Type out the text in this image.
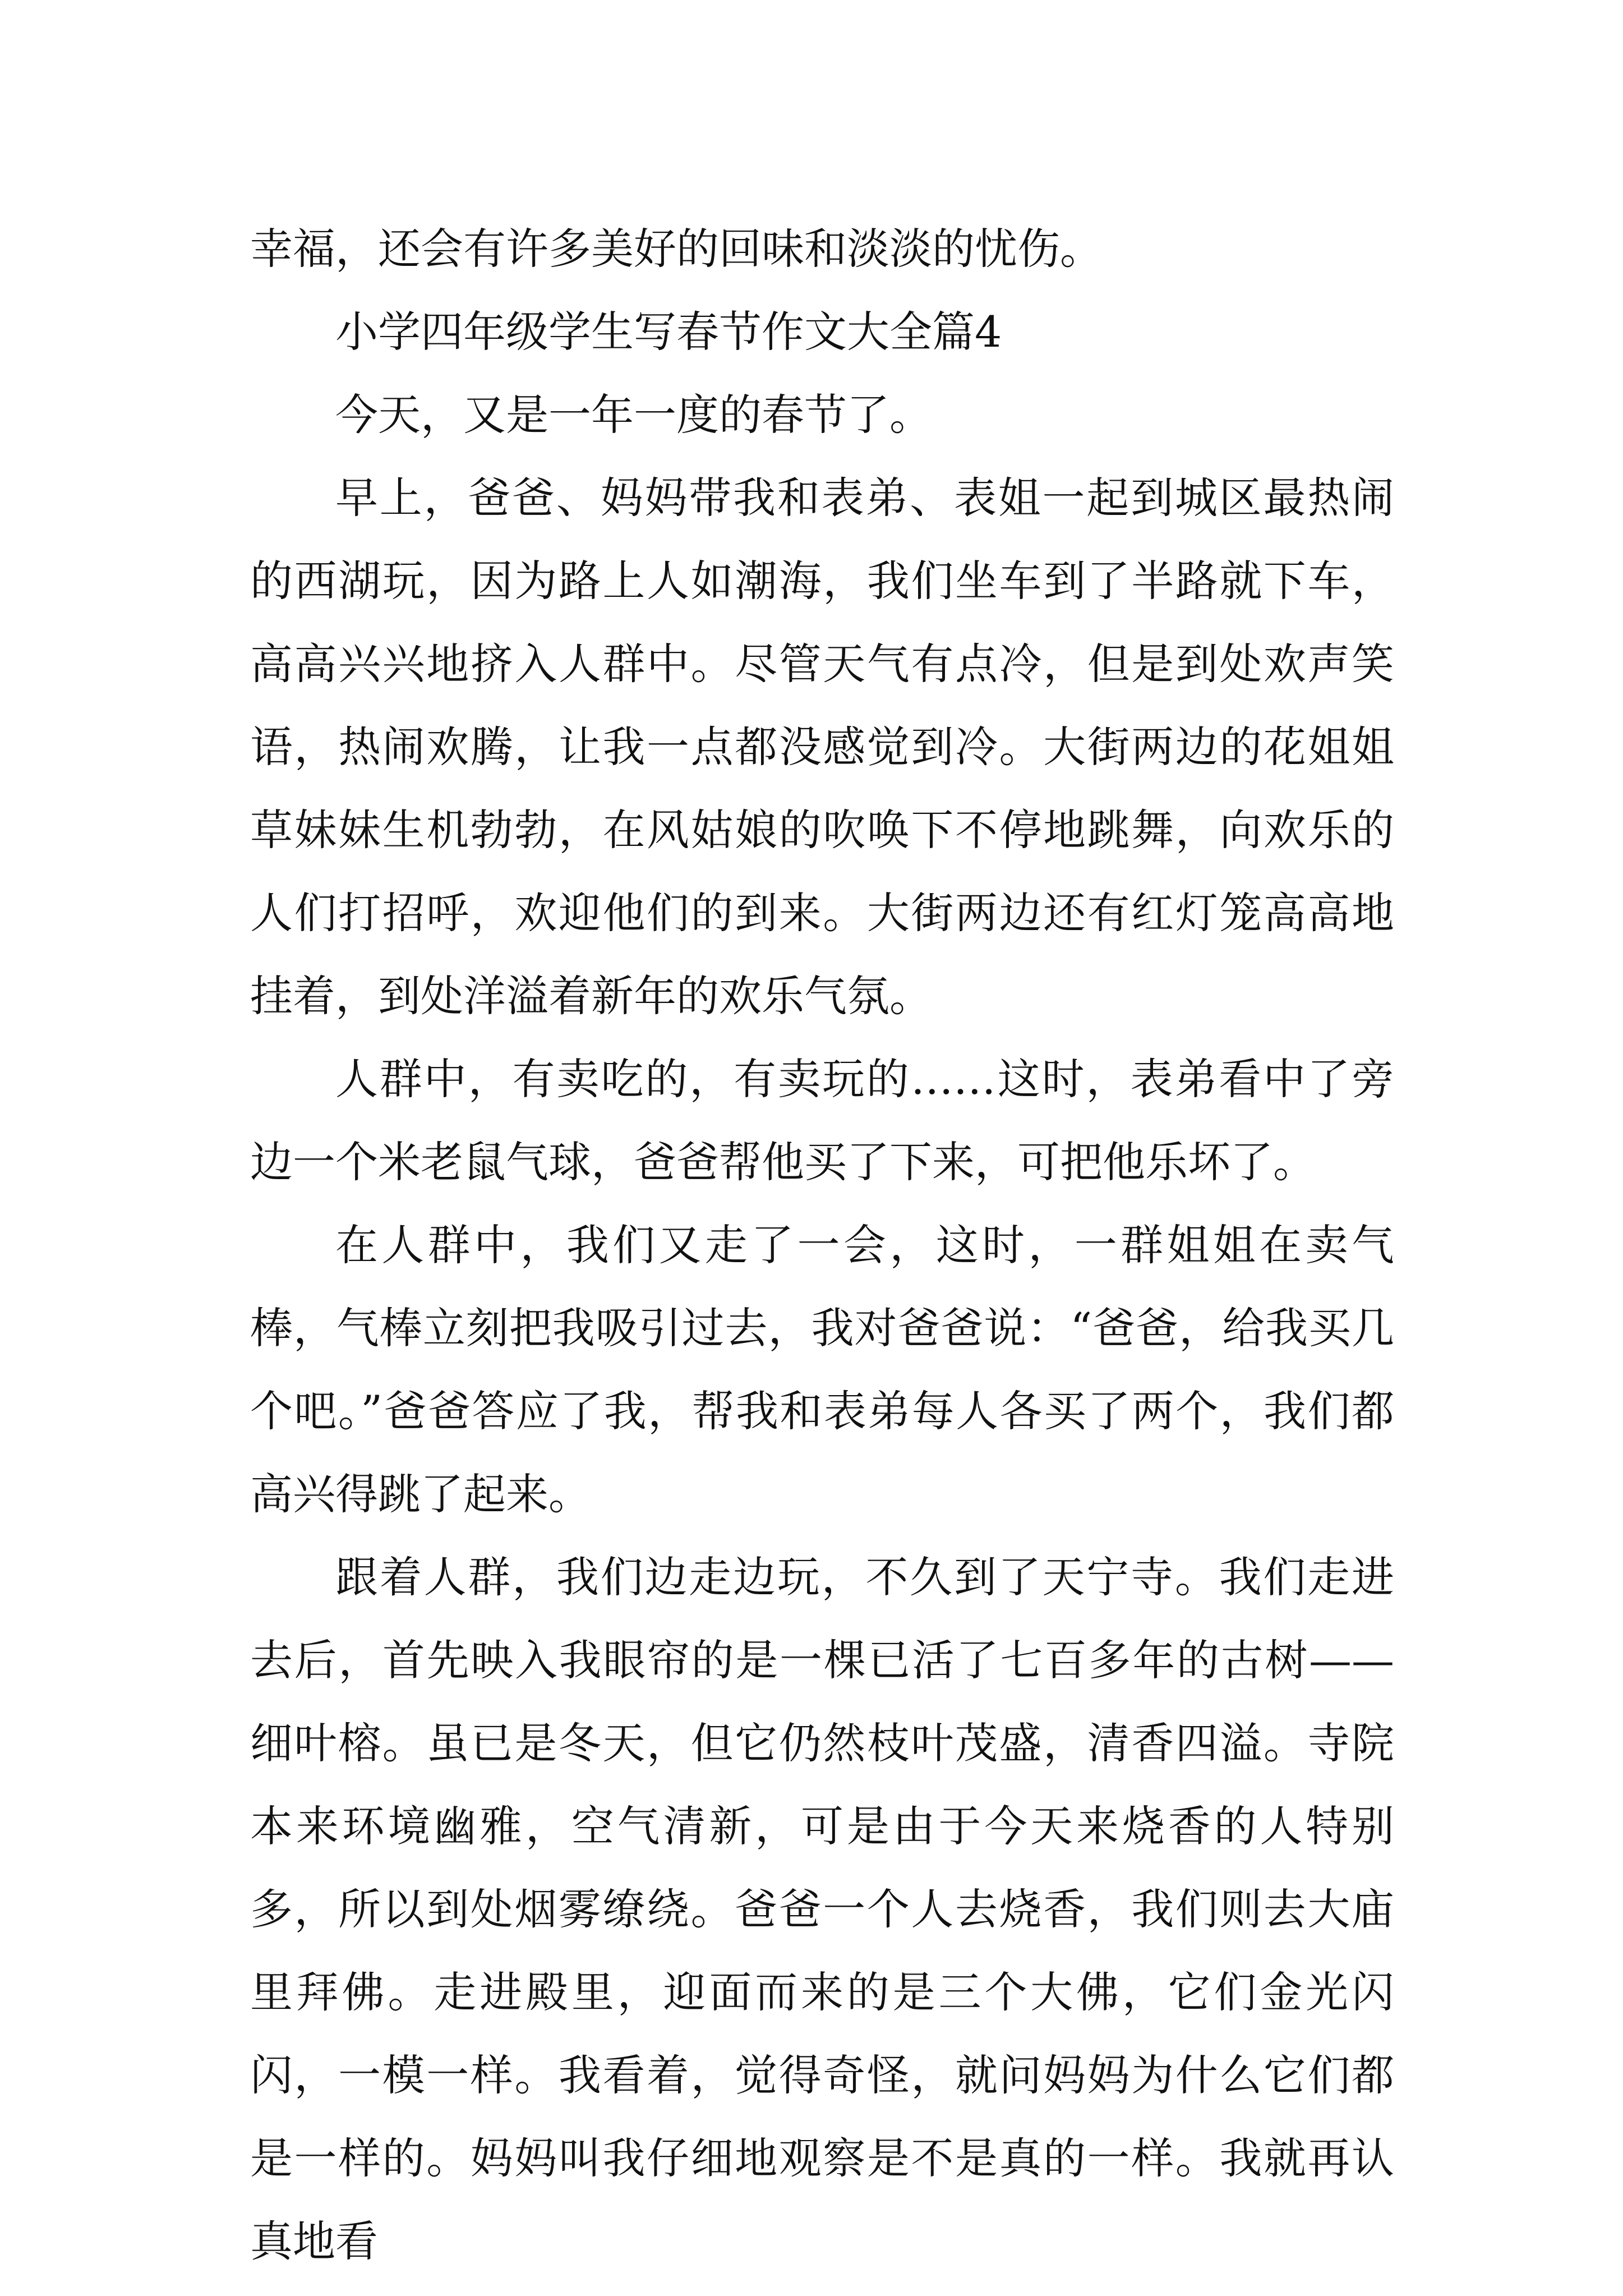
幸福，还会有许多美好的回味和淡淡的忧伤。

小学四年级学生写春节作文大全篇4

今天，又是一年一度的春节了。

早上，爸爸、妈妈带我和表弟、表姐一起到城区最热闹的西湖玩，因为路上人如潮海，我们坐车到了半路就下车，高高兴兴地挤入人群中。尽管天气有点冷，但是到处欢声笑语，热闹欢腾，让我一点都没感觉到冷。大街两边的花姐姐草妹妹生机勃勃，在风姑娘的吹唤下不停地跳舞，向欢乐的人们打招呼，欢迎他们的到来。大街两边还有红灯笼高高地挂着，到处洋溢着新年的欢乐气氛。

人群中，有卖吃的，有卖玩的……这时，表弟看中了旁边一个米老鼠气球，爸爸帮他买了下来，可把他乐坏了。

在人群中，我们又走了一会，这时，一群姐姐在卖气棒，气棒立刻把我吸引过去，我对爸爸说：“爸爸，给我买几个吧。”爸爸答应了我，帮我和表弟每人各买了两个，我们都高兴得跳了起来。

跟着人群，我们边走边玩，不久到了天宁寺。我们走进去后，首先映入我眼帘的是一棵已活了七百多年的古树——细叶榕。虽已是冬天，但它仍然枝叶茂盛，清香四溢。寺院本来环境幽雅，空气清新，可是由于今天来烧香的人特别多，所以到处烟雾缭绕。爸爸一个人去烧香，我们则去大庙里拜佛。走进殿里，迎面而来的是三个大佛，它们金光闪闪，一模一样。我看着，觉得奇怪，就问妈妈为什么它们都是一样的。妈妈叫我仔细地观察是不是真的一样。我就再认真地看
